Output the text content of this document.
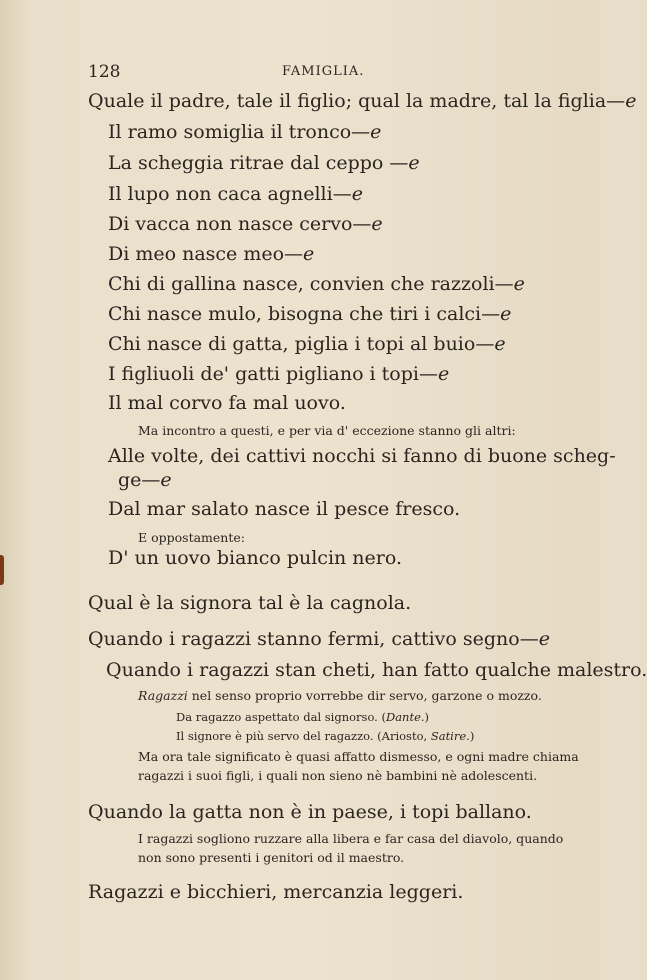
128	FAMIGLIA.
Quale il padre, tale il figlio; qual la madre, tal la figlia—e
Il ramo somiglia il tronco—e
La scheggia ritrae dal ceppo —e
Il lupo non caca agnelli—e
Di vacca non nasce cervo—e
Di meo nasce meo—e
Chi di gallina nasce, convien che razzoli—e
Chi nasce mulo, bisogna che tiri i calci—e
Chi nasce di gatta, piglia i topi al buio—e
I figliuoli de' gatti pigliano i topi—e
Il mal corvo fa mal uovo.
Ma incontro a questi, e per via d' eccezione stanno gli altri:
Alle volte, dei cattivi nocchi si fanno di buone scheg-
ge—e
Dal mar salato nasce il pesce fresco.
E oppostamente:
D' un uovo bianco pulcin nero.
Qual è la signora tal è la cagnola.
Quando i ragazzi stanno fermi, cattivo segno—e
Quando i ragazzi stan cheti, han fatto qualche malestro.
Ragazzi nel senso proprio vorrebbe dir servo, garzone o mozzo.
Da ragazzo aspettato dal signorso. (Dante.)
Il signore è più servo del ragazzo. (Ariosto, Satire.)
Ma ora tale significato è quasi affatto dismesso, e ogni madre chiama
ragazzi i suoi figli, i quali non sieno nè bambini nè adolescenti.
Quando la gatta non è in paese, i topi ballano.
I ragazzi sogliono ruzzare alla libera e far casa del diavolo, quando
non sono presenti i genitori od il maestro.
Ragazzi e bicchieri, mercanzia leggeri.
